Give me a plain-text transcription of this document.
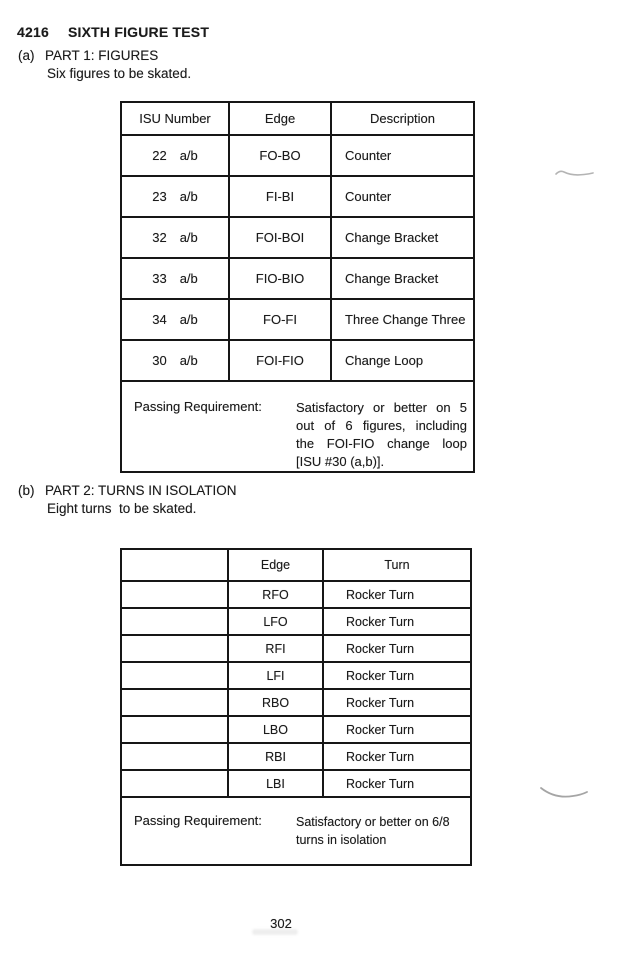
4216 SIXTH FIGURE TEST
(a) PART 1: FIGURES
Six figures to be skated.
ISU Number	Edge	Description

22 a/b	FO-BO	Counter

23 a/b	FI-BI	Counter

32 a/b	FOI-BOI	Change Bracket

33 a/b	FIO-BIO	Change Bracket

34 a/b	FO-FI	Three Change Three

30 a/b	FOI-FIO	Change Loop

Passing Requirement: Satisfactory or better on 5
out of 6 figures, including
the FOI-FIO change loop
[ISU #30 (a,b)].		
(b) PART 2: TURNS IN ISOLATION
Eight turns  to be skated.
	Edge	Turn
	RFO	Rocker Turn
	LFO	Rocker Turn
	RFI	Rocker Turn
	LFI	Rocker Turn
	RBO	Rocker Turn
	LBO	Rocker Turn
	RBI	Rocker Turn
	LBI	Rocker Turn

Passing Requirement: Satisfactory or better on 6/8
turns in isolation		
302
